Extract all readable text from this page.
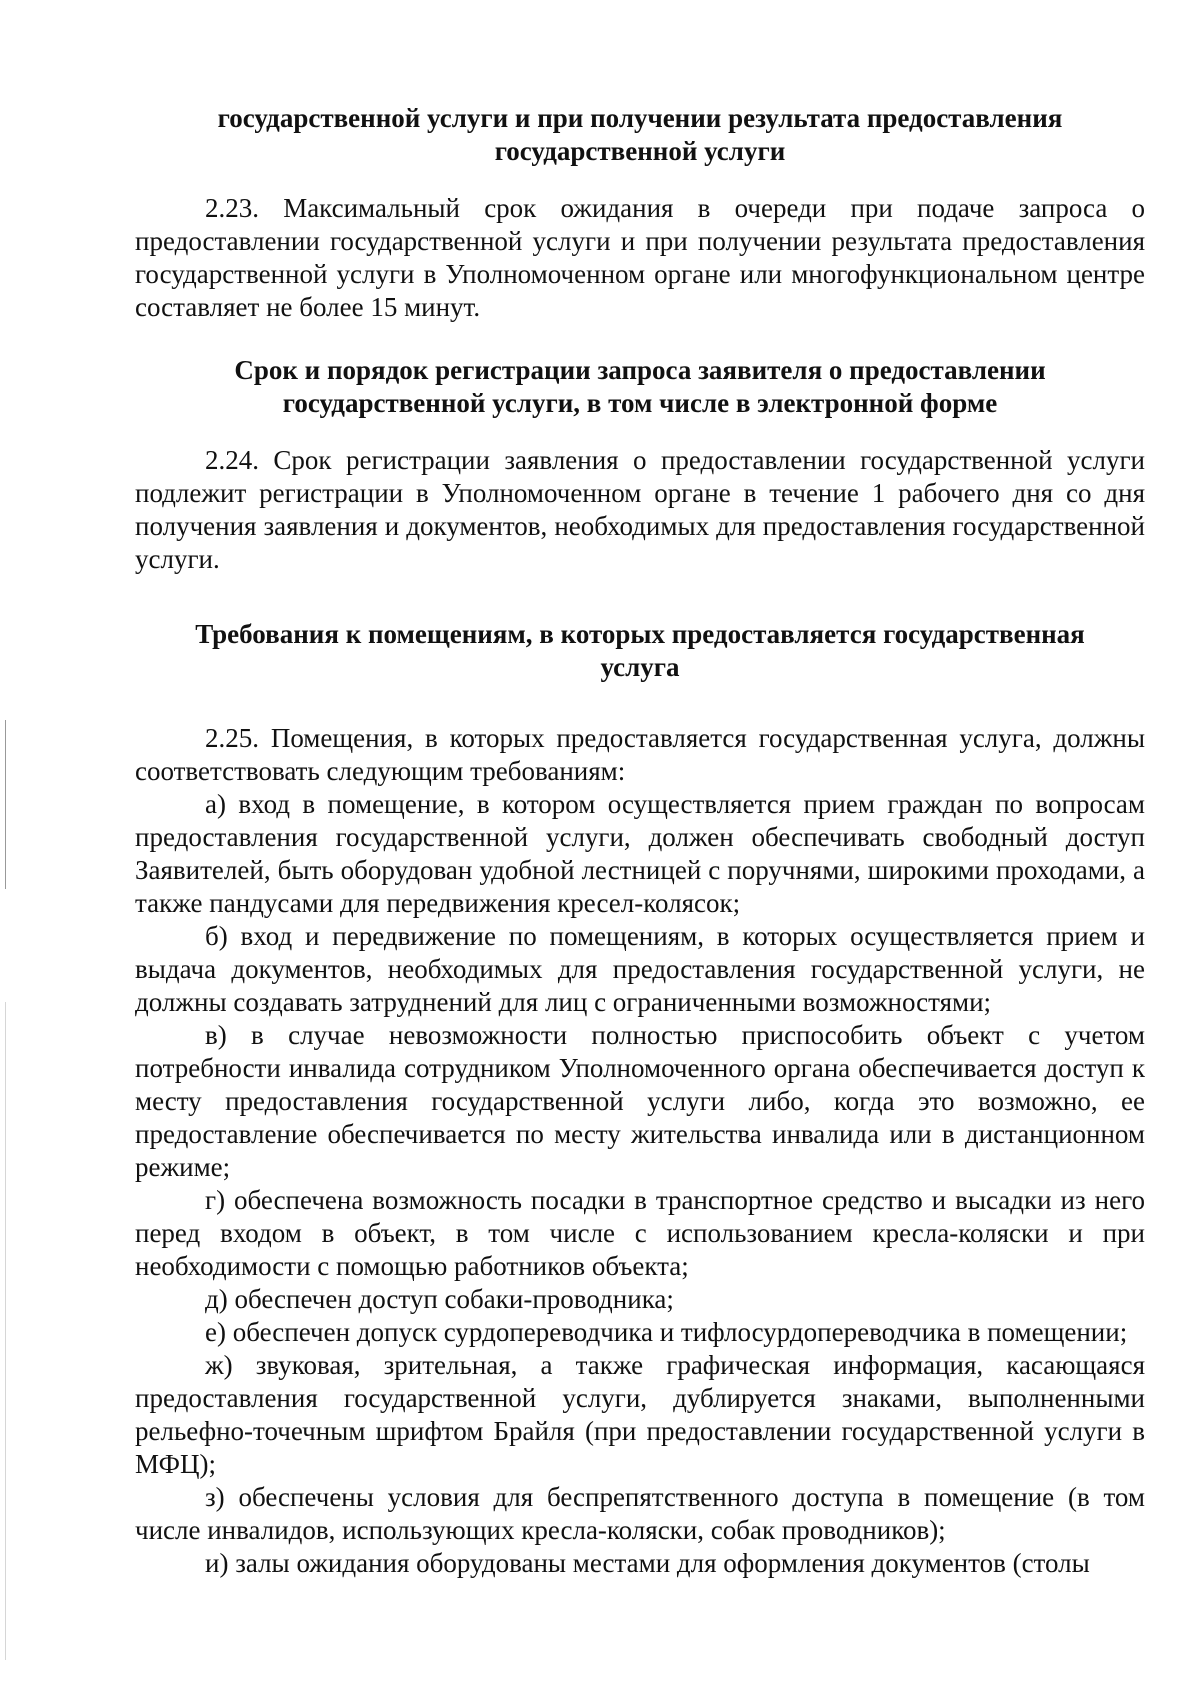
государственной услуги и при получении результата предоставления государственной услуги

2.23. Максимальный срок ожидания в очереди при подаче запроса о предоставлении государственной услуги и при получении результата предоставления государственной услуги в Уполномоченном органе или многофункциональном центре составляет не более 15 минут.

Срок и порядок регистрации запроса заявителя о предоставлении государственной услуги, в том числе в электронной форме

2.24. Срок регистрации заявления о предоставлении государственной услуги подлежит регистрации в Уполномоченном органе в течение 1 рабочего дня со дня получения заявления и документов, необходимых для предоставления государственной услуги.

Требования к помещениям, в которых предоставляется государственная услуга

2.25. Помещения, в которых предоставляется государственная услуга, должны соответствовать следующим требованиям:

а) вход в помещение, в котором осуществляется прием граждан по вопросам предоставления государственной услуги, должен обеспечивать свободный доступ Заявителей, быть оборудован удобной лестницей с поручнями, широкими проходами, а также пандусами для передвижения кресел-колясок;

б) вход и передвижение по помещениям, в которых осуществляется прием и выдача документов, необходимых для предоставления государственной услуги, не должны создавать затруднений для лиц с ограниченными возможностями;

в) в случае невозможности полностью приспособить объект с учетом потребности инвалида сотрудником Уполномоченного органа обеспечивается доступ к месту предоставления государственной услуги либо, когда это возможно, ее предоставление обеспечивается по месту жительства инвалида или в дистанционном режиме;

г) обеспечена возможность посадки в транспортное средство и высадки из него перед входом в объект, в том числе с использованием кресла-коляски и при необходимости с помощью работников объекта;

д) обеспечен доступ собаки-проводника;

е) обеспечен допуск сурдопереводчика и тифлосурдопереводчика в помещении;

ж) звуковая, зрительная, а также графическая информация, касающаяся предоставления государственной услуги, дублируется знаками, выполненными рельефно-точечным шрифтом Брайля (при предоставлении государственной услуги в МФЦ);

з) обеспечены условия для беспрепятственного доступа в помещение (в том числе инвалидов, использующих кресла-коляски, собак проводников);

и) залы ожидания оборудованы местами для оформления документов (столы
